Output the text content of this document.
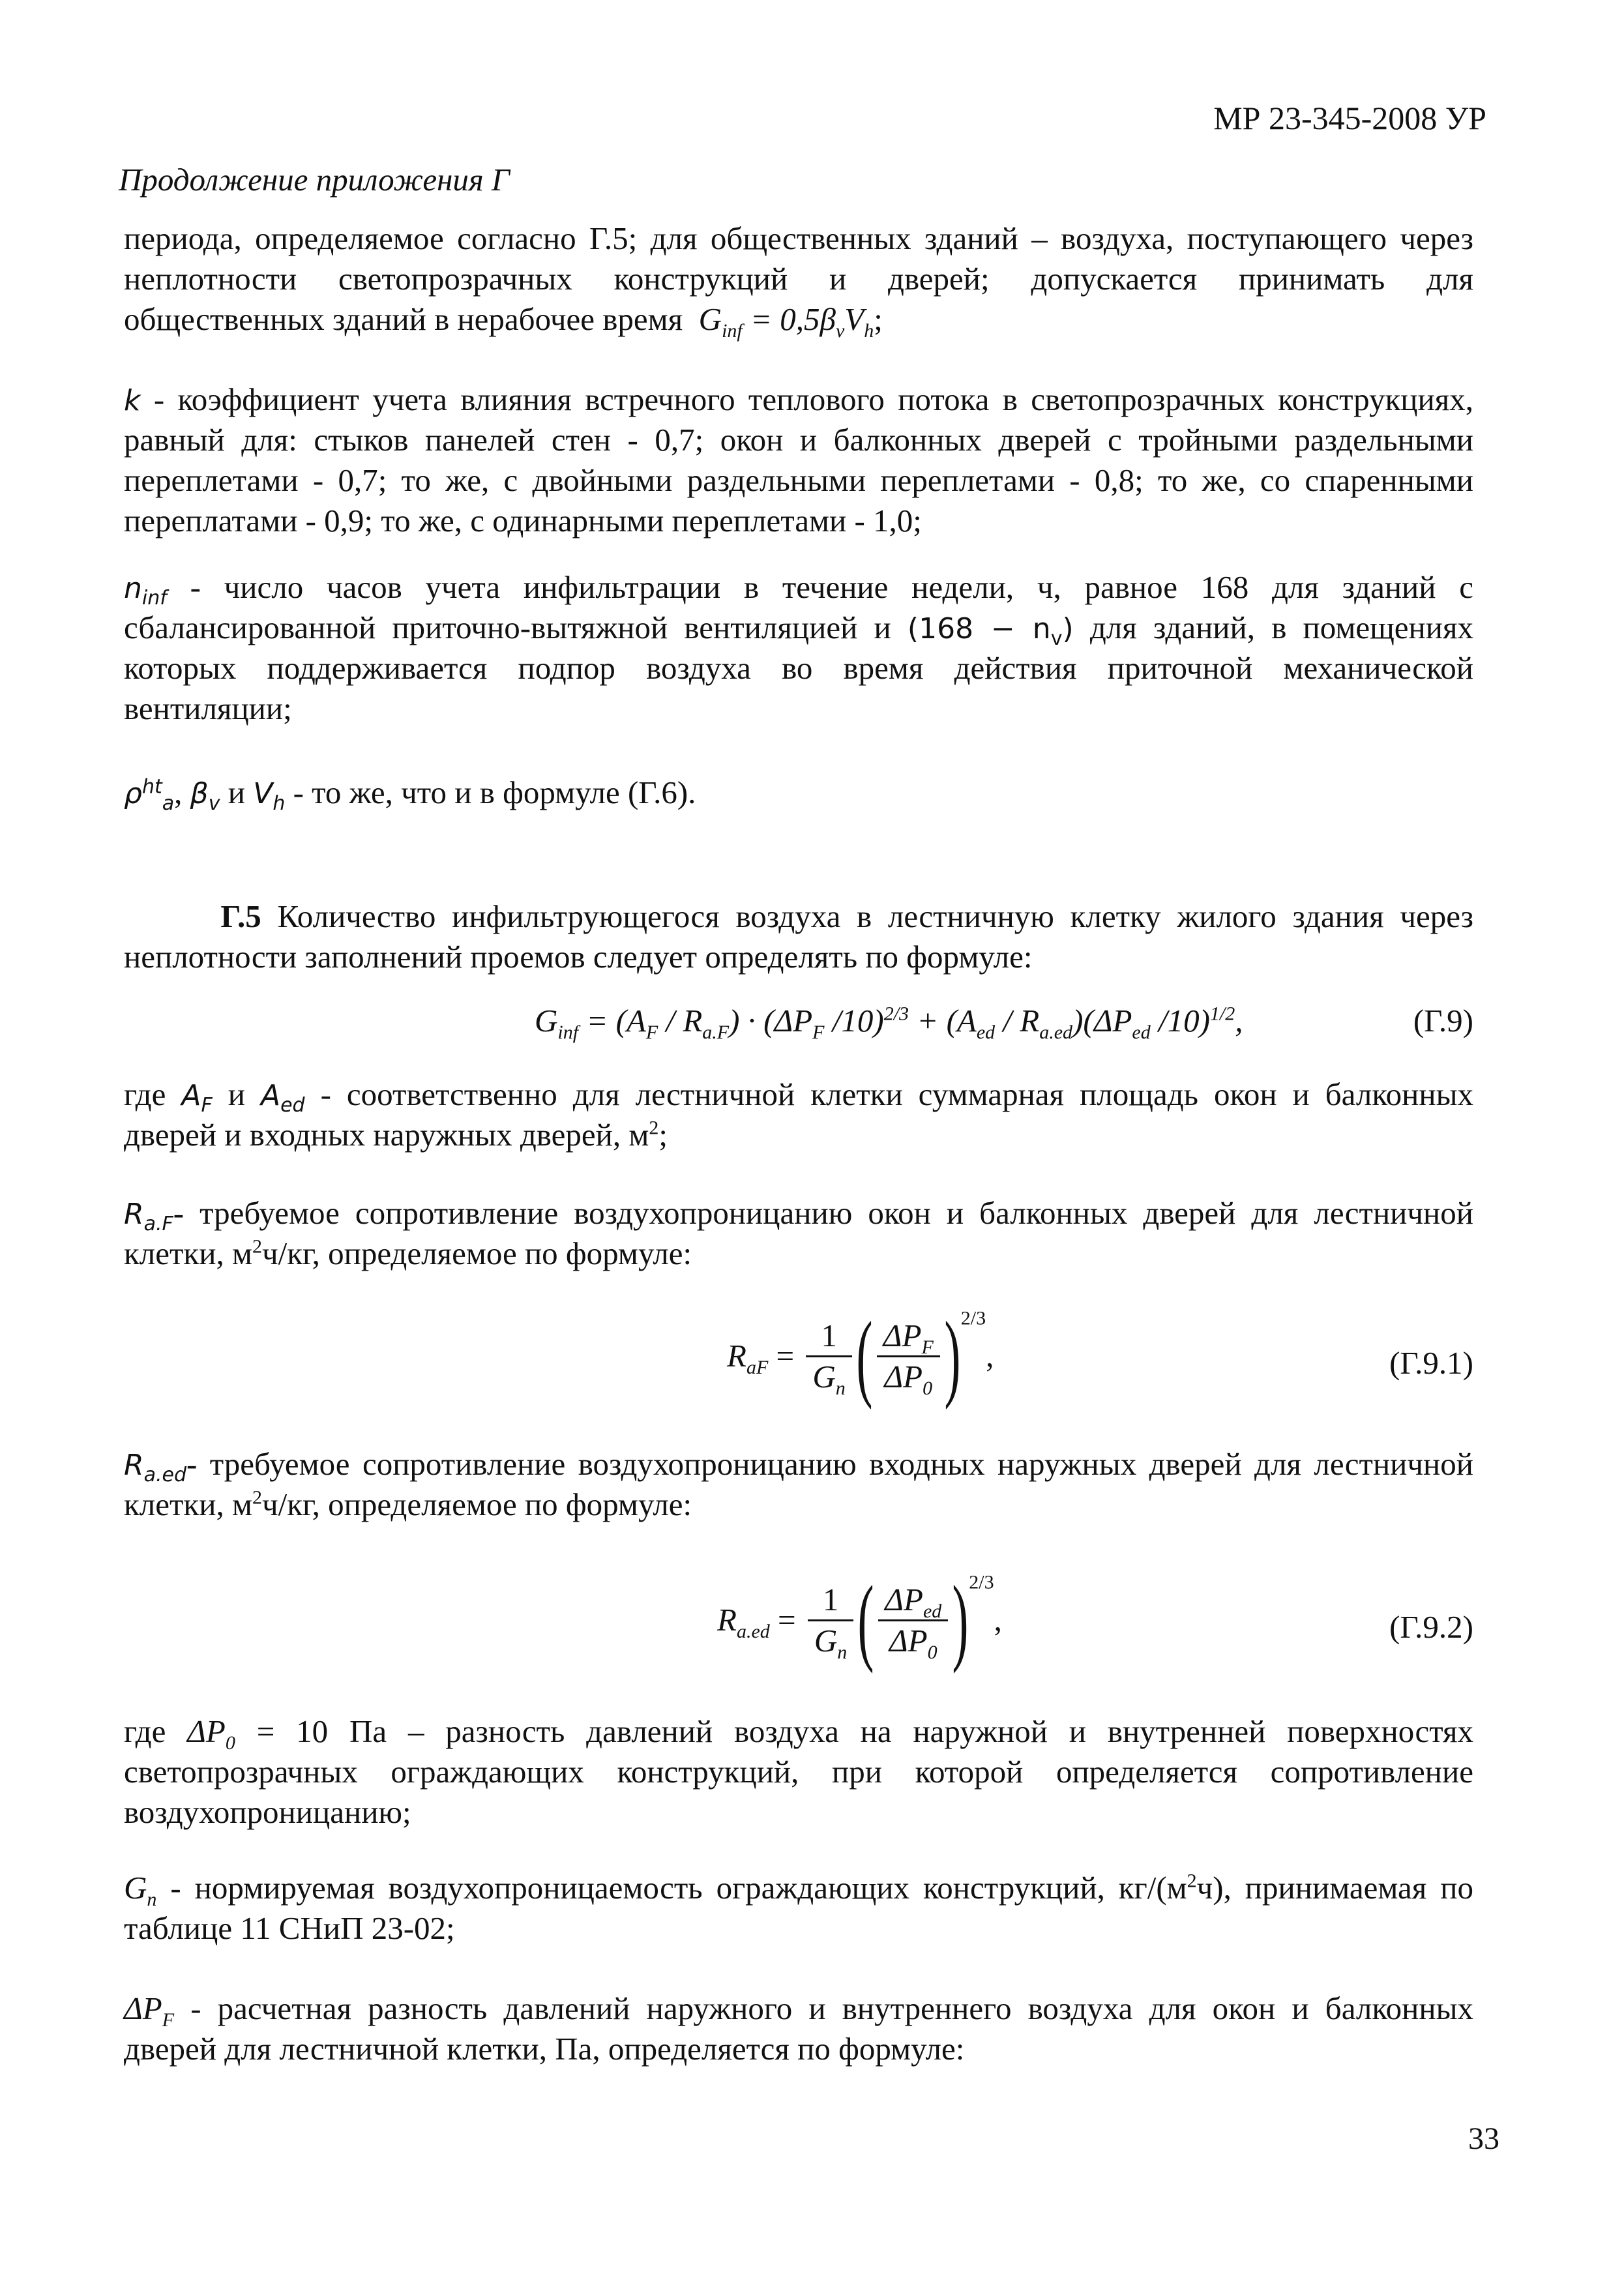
МР 23-345-2008 УР
Продолжение приложения Г
периода, определяемое согласно Г.5; для общественных зданий – воздуха, поступающего через
неплотности светопрозрачных конструкций и дверей; допускается принимать для
общественных зданий в нерабочее время $G_{inf} = 0,5\beta_vV_h$;
k - коэффициент учета влияния встречного теплового потока в светопрозрачных конструкциях,
равный для: стыков панелей стен - 0,7; окон и балконных дверей с тройными раздельными
переплетами - 0,7; то же, с двойными раздельными переплетами - 0,8; то же, со спаренными
переплатами - 0,9; то же, с одинарными переплетами - 1,0;
$n_{inf}$ - число часов учета инфильтрации в течение недели, ч, равное 168 для зданий с
сбалансированной приточно-вытяжной вентиляцией и $(168 - n_v)$ для зданий, в помещениях
которых поддерживается подпор воздуха во время действия приточной механической
вентиляции;
$\rho^{ht}_a$, $\beta_v$ и $V_h$ - то же, что и в формуле (Г.6).
Г.5 Количество инфильтрующегося воздуха в лестничную клетку жилого здания через
неплотности заполнений проемов следует определять по формуле:
$G_{inf} = (A_F / R_{a.F}) \cdot (\Delta P_F$ $/10)^{2/3} + (A_{ed} / R_{a.ed})(\Delta P_{ed}$ /10)$^{1/2}$,	(Г.9)
где $A_F$ и $A_{ed}$ - соответственно для лестничной клетки суммарная площадь окон и балконных
дверей и входных наружных дверей, $м^2$;
$R_{a.F}-$ требуемое сопротивление воздухопроницанию окон и балконных дверей для лестничной
клетки, $м^2ч/кг$, определяемое по формуле:
$R_{aF} = \frac{1}{G_n}$ ( $\frac{\Delta P_F}{\Delta P_0} )^{2/3}$,	(Г.9.1)
$R_{a.ed}-$ требуемое сопротивление воздухопроницанию входных наружных дверей для лестничной
клетки, $м^2ч/кг$, определяемое по формуле:
$R_{a.ed} = \frac{1}{G_n}$ ( $\frac{\Delta P_{ed}}{\Delta P_0} )^{2/3}$,	(Г.9.2)
где $\Delta P_0 = 10$ Па – разность давлений воздуха на наружной и внутренней поверхностях
светопрозрачных ограждающих конструкций, при которой определяется сопротивление
воздухопроницанию;
$G_n$ - нормируемая воздухопроницаемость ограждающих конструкций, $кг/(м^2ч)$, принимаемая по
таблице 11 СНиП 23-02;
$\Delta P_F$ - расчетная разность давлений наружного и внутреннего воздуха для окон и балконных
дверей для лестничной клетки, Па, определяется по формуле:
33
